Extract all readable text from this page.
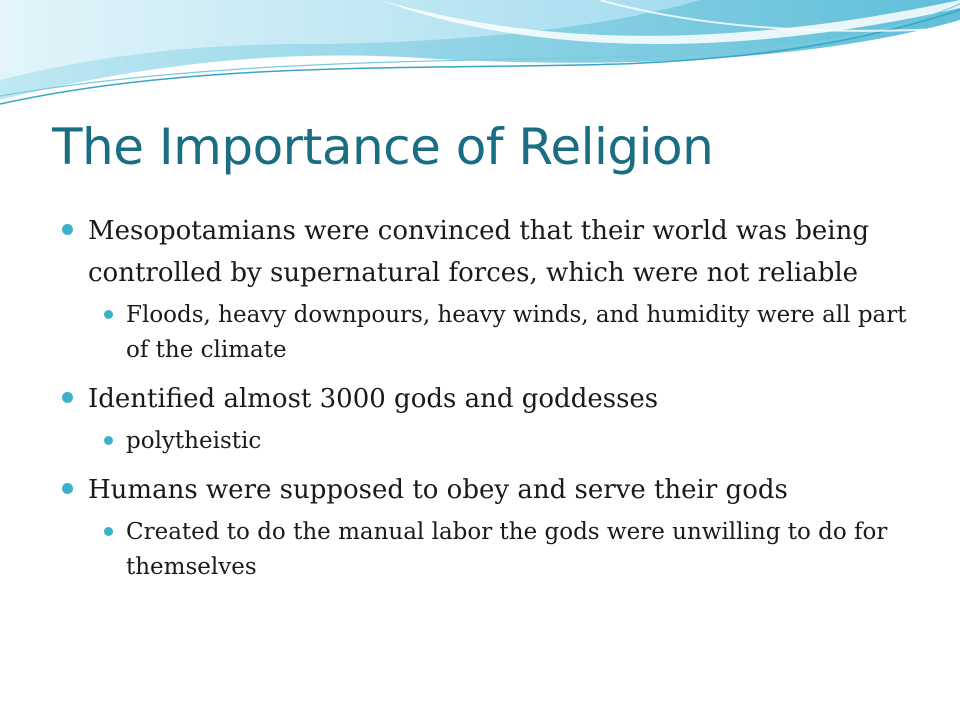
The Importance of Religion
Mesopotamians were convinced that their world was being controlled by supernatural forces, which were not reliable
Floods, heavy downpours, heavy winds, and humidity were all part of the climate
Identified almost 3000 gods and goddesses
polytheistic
Humans were supposed to obey and serve their gods
Created to do the manual labor the gods were unwilling to do for themselves
